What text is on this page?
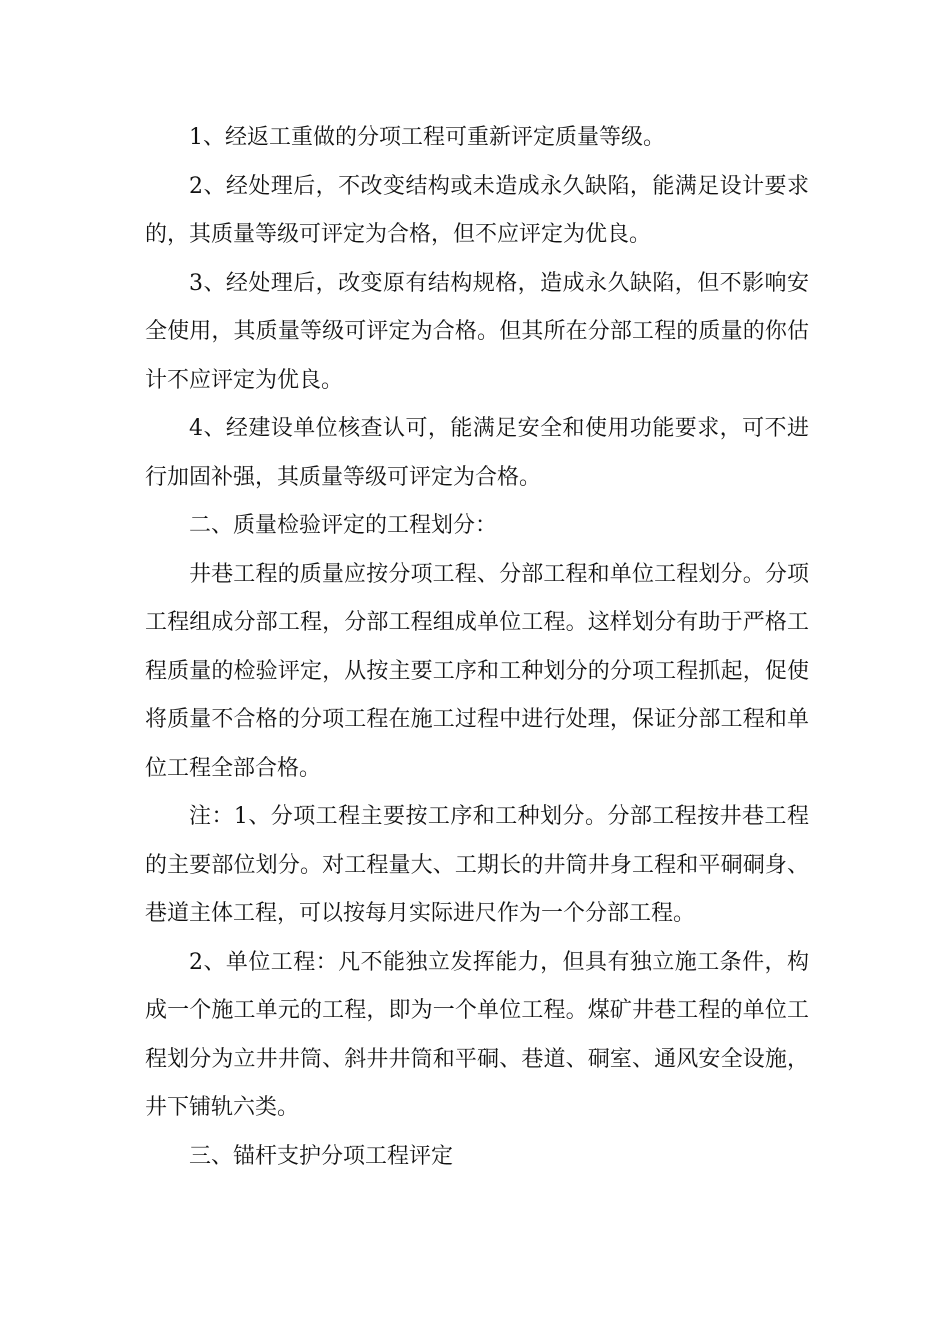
1、经返工重做的分项工程可重新评定质量等级。

2、经处理后，不改变结构或未造成永久缺陷，能满足设计要求的，其质量等级可评定为合格，但不应评定为优良。

3、经处理后，改变原有结构规格，造成永久缺陷，但不影响安全使用，其质量等级可评定为合格。但其所在分部工程的质量的你估计不应评定为优良。

4、经建设单位核查认可，能满足安全和使用功能要求，可不进行加固补强，其质量等级可评定为合格。

二、质量检验评定的工程划分：

井巷工程的质量应按分项工程、分部工程和单位工程划分。分项工程组成分部工程，分部工程组成单位工程。这样划分有助于严格工程质量的检验评定，从按主要工序和工种划分的分项工程抓起，促使将质量不合格的分项工程在施工过程中进行处理，保证分部工程和单位工程全部合格。

注：1、分项工程主要按工序和工种划分。分部工程按井巷工程的主要部位划分。对工程量大、工期长的井筒井身工程和平硐硐身、巷道主体工程，可以按每月实际进尺作为一个分部工程。

2、单位工程：凡不能独立发挥能力，但具有独立施工条件，构成一个施工单元的工程，即为一个单位工程。煤矿井巷工程的单位工程划分为立井井筒、斜井井筒和平硐、巷道、硐室、通风安全设施，井下铺轨六类。

三、锚杆支护分项工程评定
